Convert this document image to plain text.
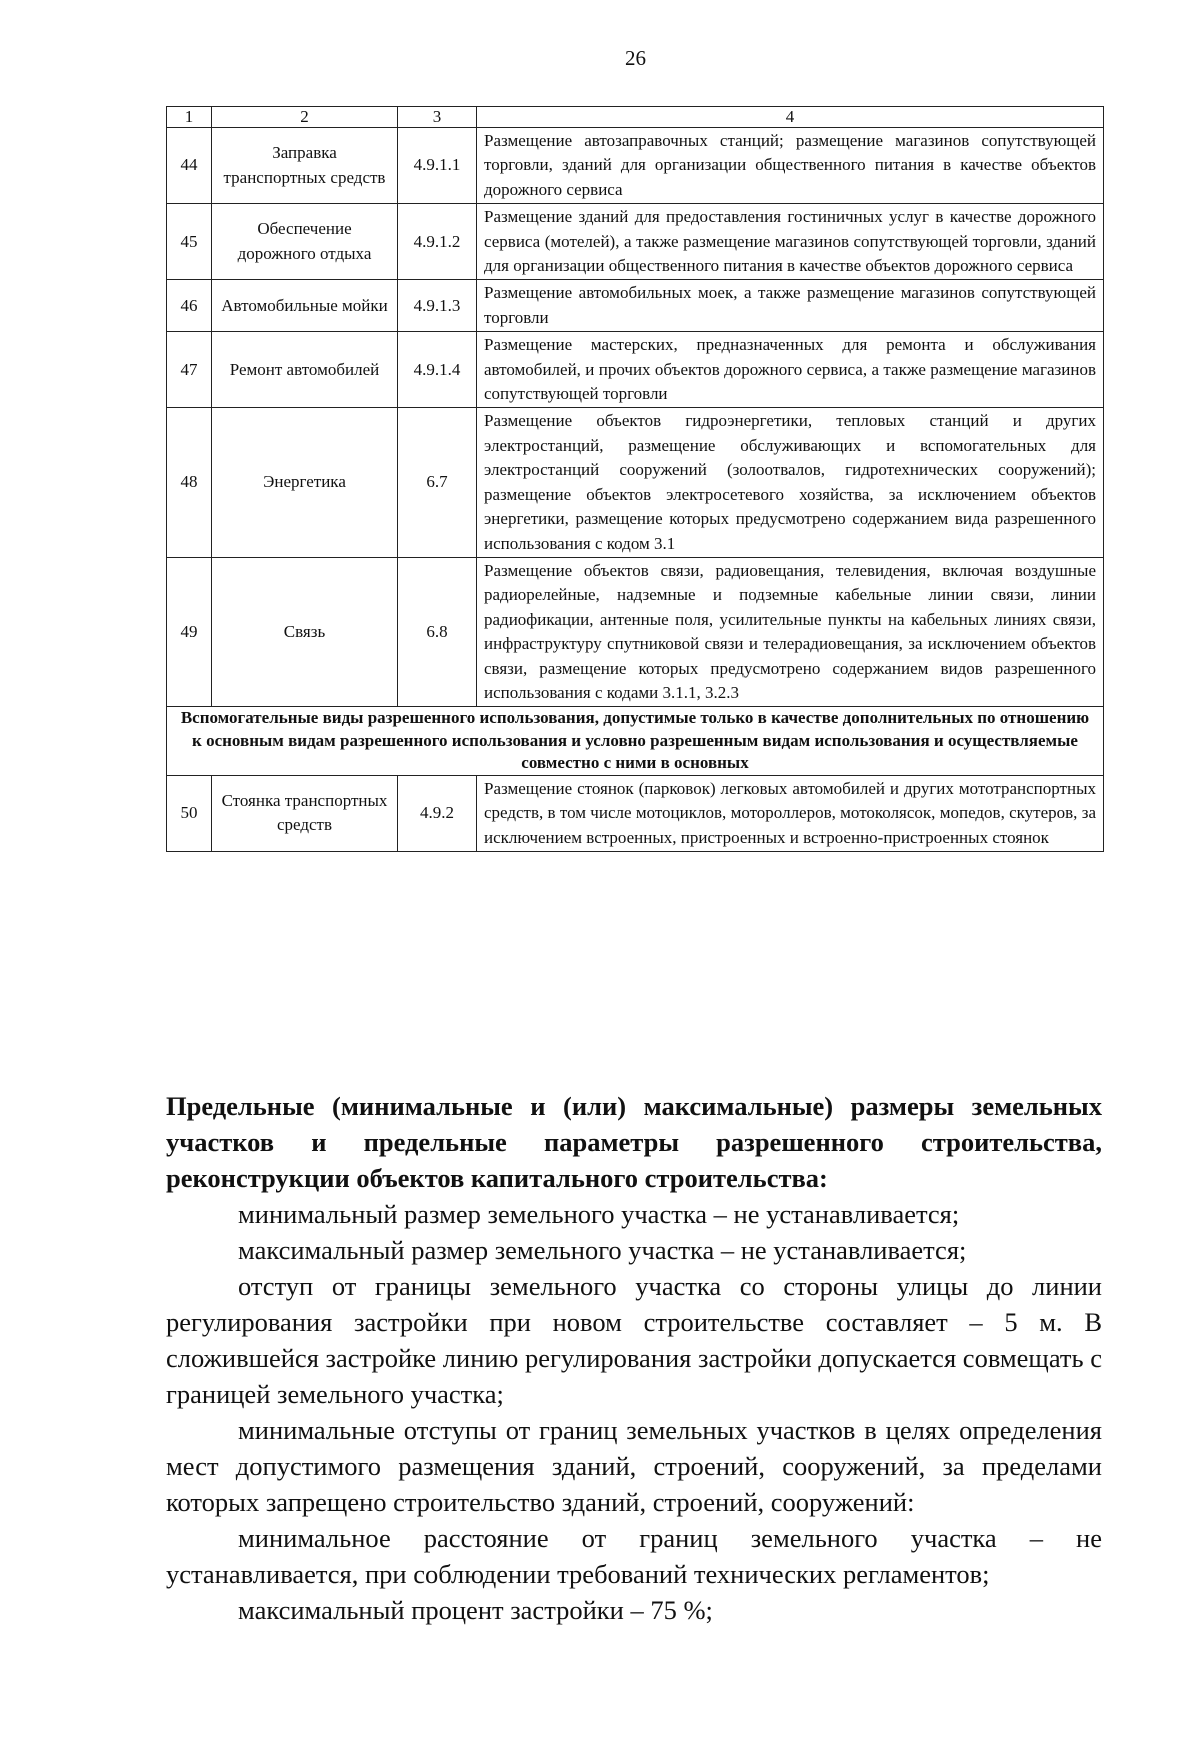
26
1	2	3	4
44	Заправка транспортных средств	4.9.1.1	Размещение автозаправочных станций; размещение магазинов сопутствующей торговли, зданий для организации общественного питания в качестве объектов дорожного сервиса
45	Обеспечение дорожного отдыха	4.9.1.2	Размещение зданий для предоставления гостиничных услуг в качестве дорожного сервиса (мотелей), а также размещение магазинов сопутствующей торговли, зданий для организации общественного питания в качестве объектов дорожного сервиса
46	Автомобильные мойки	4.9.1.3	Размещение автомобильных моек, а также размещение магазинов сопутствующей торговли
47	Ремонт автомобилей	4.9.1.4	Размещение мастерских, предназначенных для ремонта и обслуживания автомобилей, и прочих объектов дорожного сервиса, а также размещение магазинов сопутствующей торговли
48	Энергетика	6.7	Размещение объектов гидроэнергетики, тепловых станций и других электростанций, размещение обслуживающих и вспомогательных для электростанций сооружений (золоотвалов, гидротехнических сооружений); размещение объектов электросетевого хозяйства, за исключением объектов энергетики, размещение которых предусмотрено содержанием вида разрешенного использования с кодом 3.1
49	Связь	6.8	Размещение объектов связи, радиовещания, телевидения, включая воздушные радиорелейные, надземные и подземные кабельные линии связи, линии радиофикации, антенные поля, усилительные пункты на кабельных линиях связи, инфраструктуру спутниковой связи и телерадиовещания, за исключением объектов связи, размещение которых предусмотрено содержанием видов разрешенного использования с кодами 3.1.1, 3.2.3
Вспомогательные виды разрешенного использования, допустимые только в качестве дополнительных по отношению к основным видам разрешенного использования и условно разрешенным видам использования и осуществляемые совместно с ними в основных			
50	Стоянка транспортных средств	4.9.2	Размещение стоянок (парковок) легковых автомобилей и других мототранспортных средств, в том числе мотоциклов, мотороллеров, мотоколясок, мопедов, скутеров, за исключением встроенных, пристроенных и встроенно-пристроенных стоянок

Предельные (минимальные и (или) максимальные) размеры земельных участков и предельные параметры разрешенного строительства, реконструкции объектов капитального строительства:

минимальный размер земельного участка – не устанавливается;

максимальный размер земельного участка – не устанавливается;

отступ от границы земельного участка со стороны улицы до линии регулирования застройки при новом строительстве составляет – 5 м. В сложившейся застройке линию регулирования застройки допускается совмещать с границей земельного участка;

минимальные отступы от границ земельных участков в целях определения мест допустимого размещения зданий, строений, сооружений, за пределами которых запрещено строительство зданий, строений, сооружений:

минимальное расстояние от границ земельного участка – не устанавливается, при соблюдении требований технических регламентов;

максимальный процент застройки – 75 %;
